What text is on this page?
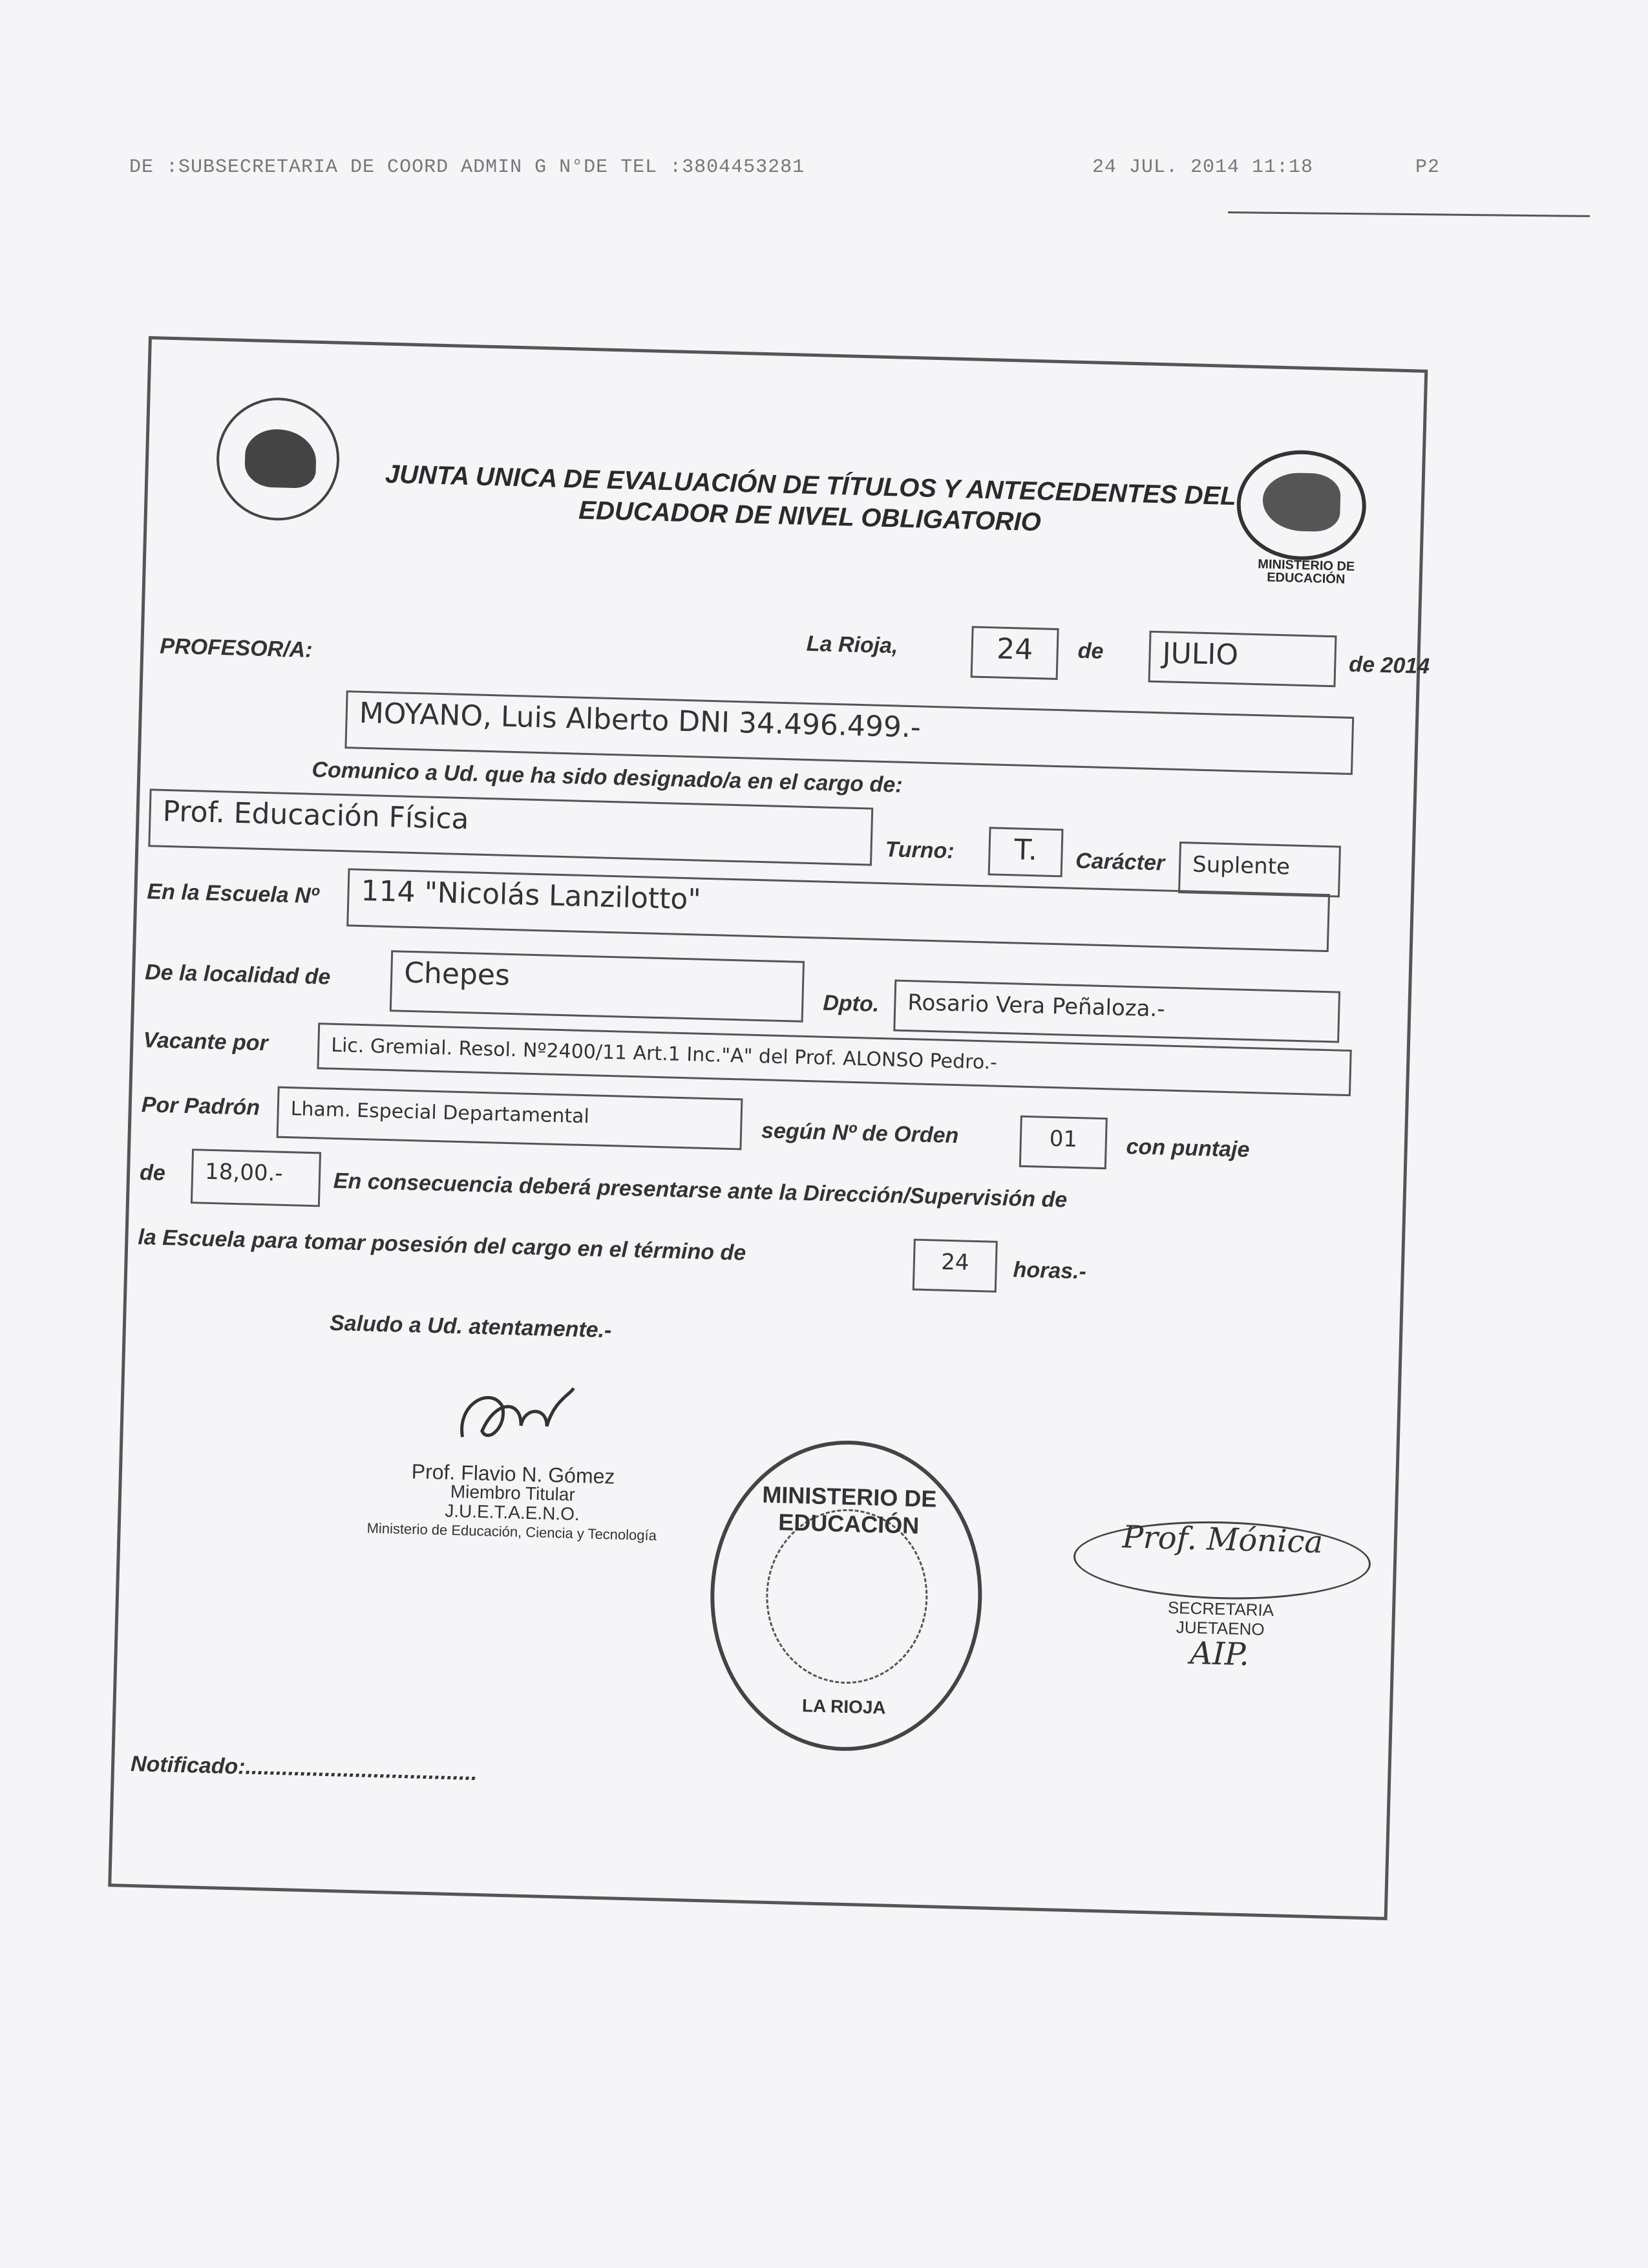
DE :SUBSECRETARIA DE COORD ADMIN G N°DE TEL :3804453281	24 JUL. 2014 11:18	P2
MINISTERIO DE EDUCACIÓN
JUNTA UNICA DE EVALUACIÓN DE TÍTULOS Y ANTECEDENTES DEL EDUCADOR DE NIVEL OBLIGATORIO
La Rioja,	24	de	JULIO	de 2014
PROFESOR/A:
MOYANO, Luis Alberto DNI 34.496.499.-
Comunico a Ud. que ha sido designado/a en el cargo de:
Prof. Educación Física
Turno:	T.	Carácter	Suplente
En la Escuela Nº	114 "Nicolás Lanzilotto"
De la localidad de	Chepes
Dpto.	Rosario Vera Peñaloza.-
Vacante por	Lic. Gremial. Resol. Nº2400/11 Art.1 Inc."A" del Prof. ALONSO Pedro.-
Por Padrón	Lham. Especial Departamental
según Nº de Orden	01	con puntaje
de	18,00.-	En consecuencia deberá presentarse ante la Dirección/Supervisión de
la Escuela para tomar posesión del cargo en el término de	24	horas.-
Saludo a Ud. atentamente.-
Prof. Flavio N. Gómez
Miembro Titular
J.U.E.T.A.E.N.O.
Ministerio de Educación, Ciencia y Tecnología
MINISTERIO DE EDUCACIÓN
LA RIOJA
Prof. Mónica
SECRETARIA
JUETAENO
AIP.
Notificado:......................................
